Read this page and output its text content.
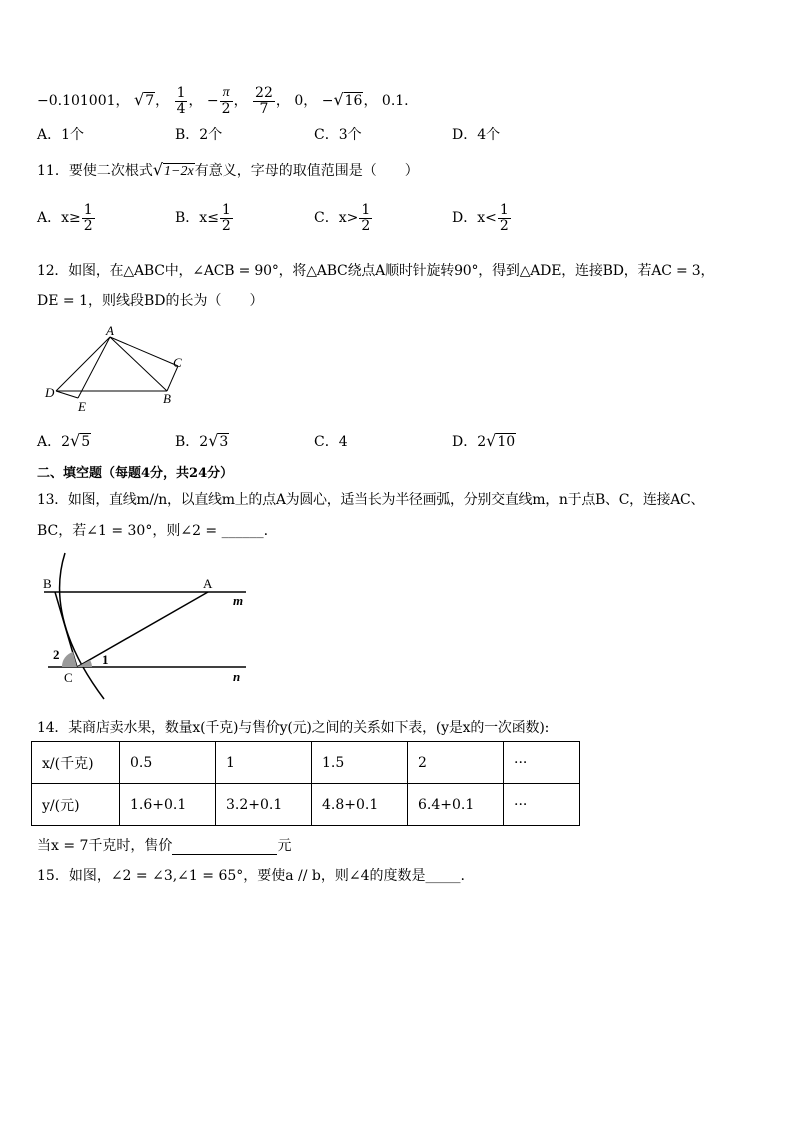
−0.101001， √7， $\frac{1}{4}$ ， − $\frac{\pi}{2}$ ， $\frac{22}{7}$ ， 0， −√16， 0.1.
A．1个	B．2个	C．3个	D．4个
11．要使二次根式√1−2x有意义，字母的取值范围是（　　）
A．$x\ge \frac{1}{2}$	B．$x\le \frac{1}{2}$	C．$x> \frac{1}{2}$	D．$x< \frac{1}{2}$
12．如图，在△ABC中，∠ACB = 90°，将△ABC绕点A顺时针旋转90°，得到△ADE，连接BD，若AC = 3，
DE = 1，则线段BD的长为（　　）
A
C
D
E
B
A．2√5	B．2√3	C．4	D．2√10
二、填空题（每题4分，共24分）
13．如图，直线m//n，以直线m上的点A为圆心，适当长为半径画弧，分别交直线m，n于点B、C，连接AC、
BC，若∠1 = 30°，则∠2 = ______.
B	A
m
2	1
C	n
14．某商店卖水果，数量x(千克)与售价y(元)之间的关系如下表，(y是x的一次函数):
x/(千克)	0.5	1	1.5	2	···
y/(元)	1.6+0.1	3.2+0.1	4.8+0.1	6.4+0.1	···
当x = 7千克时，售价	元
15．如图，∠2 = ∠3,∠1 = 65°，要使a // b，则∠4的度数是_____.
